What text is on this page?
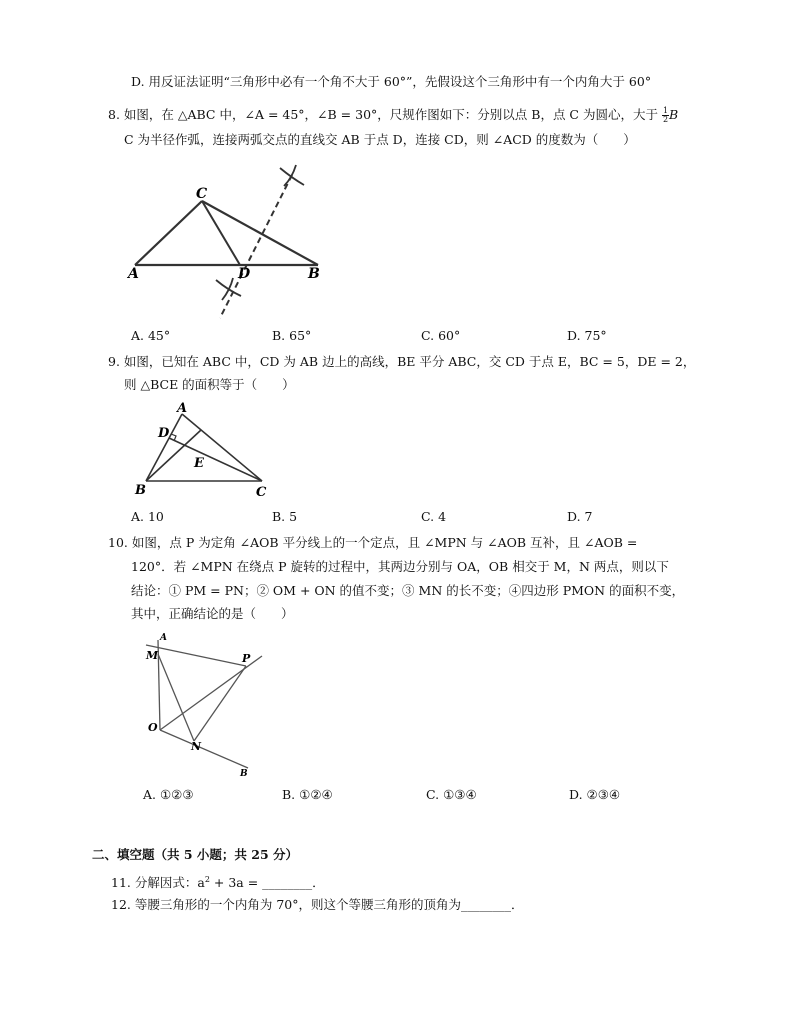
D. 用反证法证明“三角形中必有一个角不大于 60°”，先假设这个三角形中有一个内角大于 60°
8. 如图，在 △ABC 中，∠A = 45°，∠B = 30°，尺规作图如下：分别以点 B，点 C 为圆心，大于 $\frac{1}{2}$ B
C 为半径作弧，连接两弧交点的直线交 AB 于点 D，连接 CD，则 ∠ACD 的度数为（　　）
C
A	D	B
A. 45°	B. 65°	C. 60°	D. 75°
9. 如图，已知在 ABC 中，CD 为 AB 边上的高线，BE 平分 ABC，交 CD 于点 E，BC = 5，DE = 2，
则 △BCE 的面积等于（　　）
A
D
E
B	C
A. 10	B. 5	C. 4	D. 7
10. 如图，点 P 为定角 ∠AOB 平分线上的一个定点，且 ∠MPN 与 ∠AOB 互补，且 ∠AOB =
120°．若 ∠MPN 在绕点 P 旋转的过程中，其两边分别与 OA，OB 相交于 M，N 两点，则以下
结论：① PM = PN；② OM + ON 的值不变；③ MN 的长不变；④四边形 PMON 的面积不变，
其中，正确结论的是（　　）
A
M	P
O
N
B
A. ①②③	B. ①②④	C. ①③④	D. ②③④
二、填空题（共 5 小题；共 25 分）
11. 分解因式：$a^2 + 3a$ = ________．
12. 等腰三角形的一个内角为 70°，则这个等腰三角形的顶角为________．
